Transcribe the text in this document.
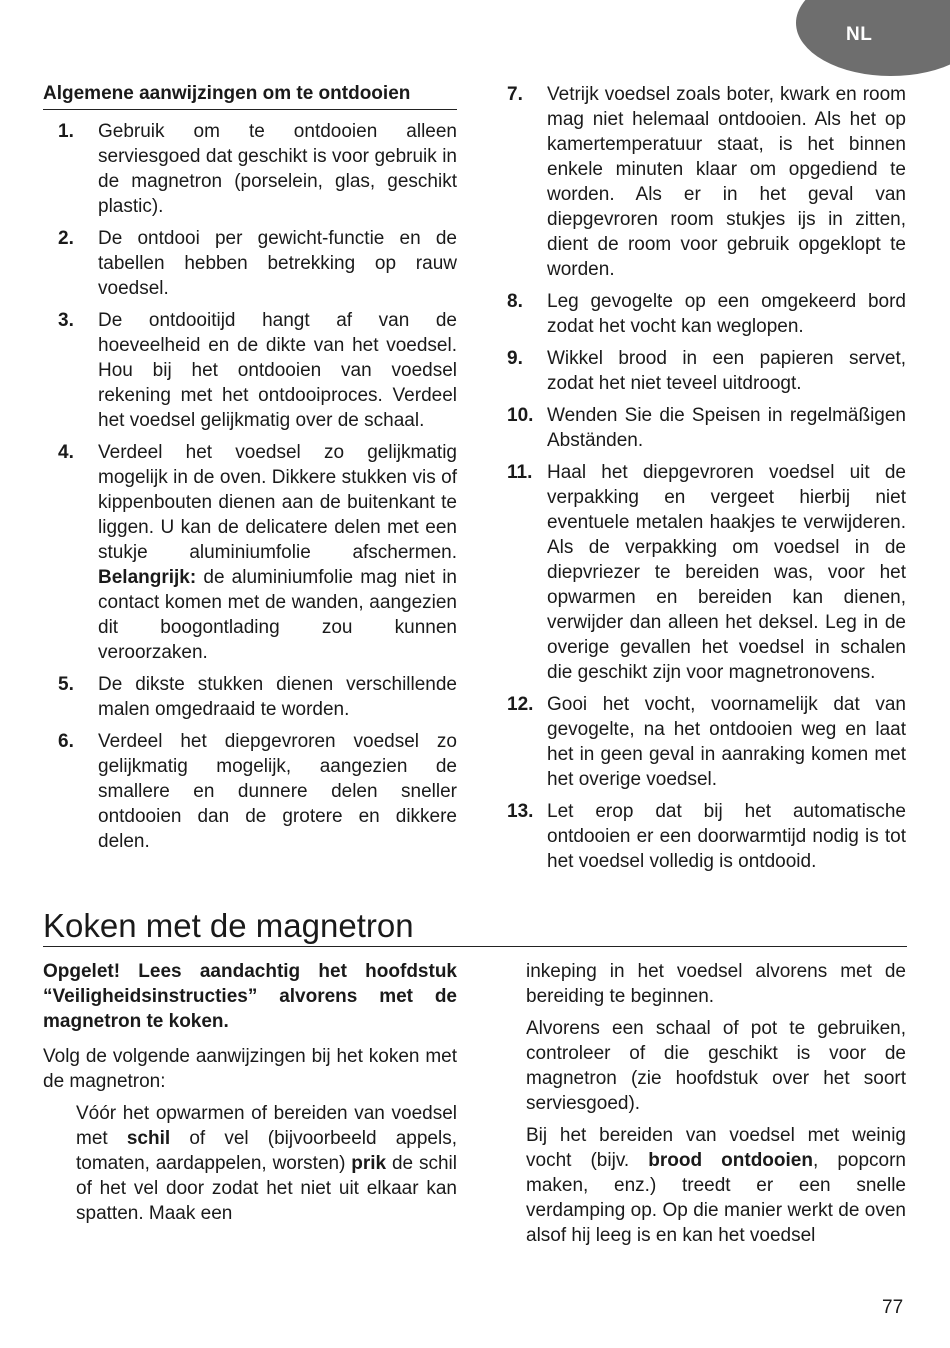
NL
Algemene aanwijzingen om te ontdooien
1. Gebruik om te ontdooien alleen serviesgoed dat geschikt is voor gebruik in de magnetron (porselein, glas, geschikt plastic).
2. De ontdooi per gewicht-functie en de tabellen hebben betrekking op rauw voedsel.
3. De ontdooitijd hangt af van de hoeveelheid en de dikte van het voedsel. Hou bij het ontdooien van voedsel rekening met het ontdooiproces. Verdeel het voedsel gelijkmatig over de schaal.
4. Verdeel het voedsel zo gelijkmatig mogelijk in de oven. Dikkere stukken vis of kippenbouten dienen aan de buitenkant te liggen. U kan de delicatere delen met een stukje aluminiumfolie afschermen. Belangrijk: de aluminiumfolie mag niet in contact komen met de wanden, aangezien dit boogontlading zou kunnen veroorzaken.
5. De dikste stukken dienen verschillende malen omgedraaid te worden.
6. Verdeel het diepgevroren voedsel zo gelijkmatig mogelijk, aangezien de smallere en dunnere delen sneller ontdooien dan de grotere en dikkere delen.
7. Vetrijk voedsel zoals boter, kwark en room mag niet helemaal ontdooien. Als het op kamertemperatuur staat, is het binnen enkele minuten klaar om opgediend te worden. Als er in het geval van diepgevroren room stukjes ijs in zitten, dient de room voor gebruik opgeklopt te worden.
8. Leg gevogelte op een omgekeerd bord zodat het vocht kan weglopen.
9. Wikkel brood in een papieren servet, zodat het niet teveel uitdroogt.
10. Wenden Sie die Speisen in regelmäßigen Abständen.
11. Haal het diepgevroren voedsel uit de verpakking en vergeet hierbij niet eventuele metalen haakjes te verwijderen. Als de verpakking om voedsel in de diepvriezer te bereiden was, voor het opwarmen en bereiden kan dienen, verwijder dan alleen het deksel. Leg in de overige gevallen het voedsel in schalen die geschikt zijn voor magnetronovens.
12. Gooi het vocht, voornamelijk dat van gevogelte, na het ontdooien weg en laat het in geen geval in aanraking komen met het overige voedsel.
13. Let erop dat bij het automatische ontdooien er een doorwarmtijd nodig is tot het voedsel volledig is ontdooid.
Koken met de magnetron

Opgelet! Lees aandachtig het hoofdstuk “Veiligheidsinstructies” alvorens met de magnetron te koken.

Volg de volgende aanwijzingen bij het koken met de magnetron:

Vóór het opwarmen of bereiden van voedsel met schil of vel (bijvoorbeeld appels, tomaten, aardappelen, worsten) prik de schil of het vel door zodat het niet uit elkaar kan spatten. Maak een

inkeping in het voedsel alvorens met de bereiding te beginnen.

Alvorens een schaal of pot te gebruiken, controleer of die geschikt is voor de magnetron (zie hoofdstuk over het soort serviesgoed).

Bij het bereiden van voedsel met weinig vocht (bijv. brood ontdooien, popcorn maken, enz.) treedt er een snelle verdamping op. Op die manier werkt de oven alsof hij leeg is en kan het voedsel

77
